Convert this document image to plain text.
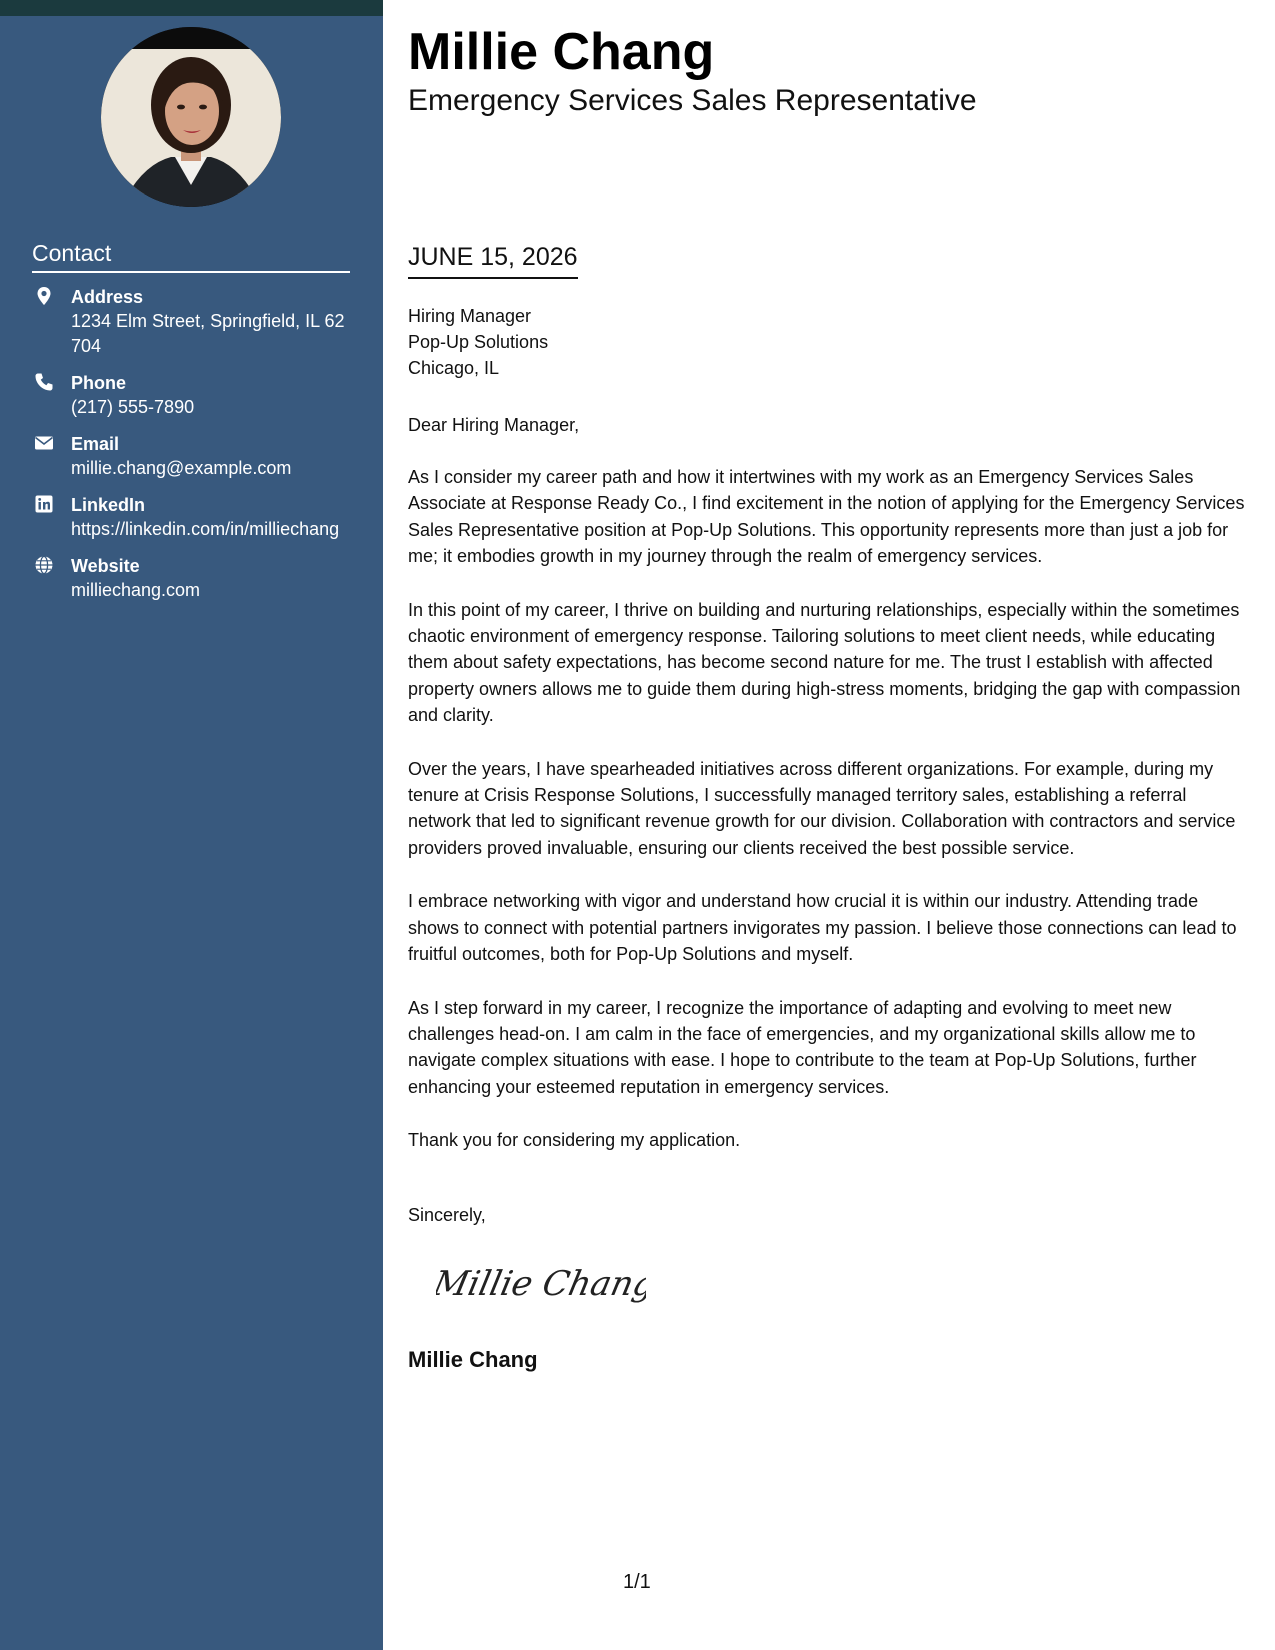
Contact
Address
1234 Elm Street, Springfield, IL 62704
Phone
(217) 555-7890
Email
millie.chang@example.com
LinkedIn
https://linkedin.com/in/milliechang
Website
milliechang.com
Millie Chang
Emergency Services Sales Representative
JUNE 15, 2026
Hiring Manager
Pop-Up Solutions
Chicago, IL
Dear Hiring Manager,

As I consider my career path and how it intertwines with my work as an Emergency Services Sales Associate at Response Ready Co., I find excitement in the notion of applying for the Emergency Services Sales Representative position at Pop-Up Solutions. This opportunity represents more than just a job for me; it embodies growth in my journey through the realm of emergency services.

In this point of my career, I thrive on building and nurturing relationships, especially within the sometimes chaotic environment of emergency response. Tailoring solutions to meet client needs, while educating them about safety expectations, has become second nature for me. The trust I establish with affected property owners allows me to guide them during high-stress moments, bridging the gap with compassion and clarity.

Over the years, I have spearheaded initiatives across different organizations. For example, during my tenure at Crisis Response Solutions, I successfully managed territory sales, establishing a referral network that led to significant revenue growth for our division. Collaboration with contractors and service providers proved invaluable, ensuring our clients received the best possible service.

I embrace networking with vigor and understand how crucial it is within our industry. Attending trade shows to connect with potential partners invigorates my passion. I believe those connections can lead to fruitful outcomes, both for Pop-Up Solutions and myself.

As I step forward in my career, I recognize the importance of adapting and evolving to meet new challenges head-on. I am calm in the face of emergencies, and my organizational skills allow me to navigate complex situations with ease. I hope to contribute to the team at Pop-Up Solutions, further enhancing your esteemed reputation in emergency services.

Thank you for considering my application.

Sincerely,
Millie Chang
Millie Chang
1/1
